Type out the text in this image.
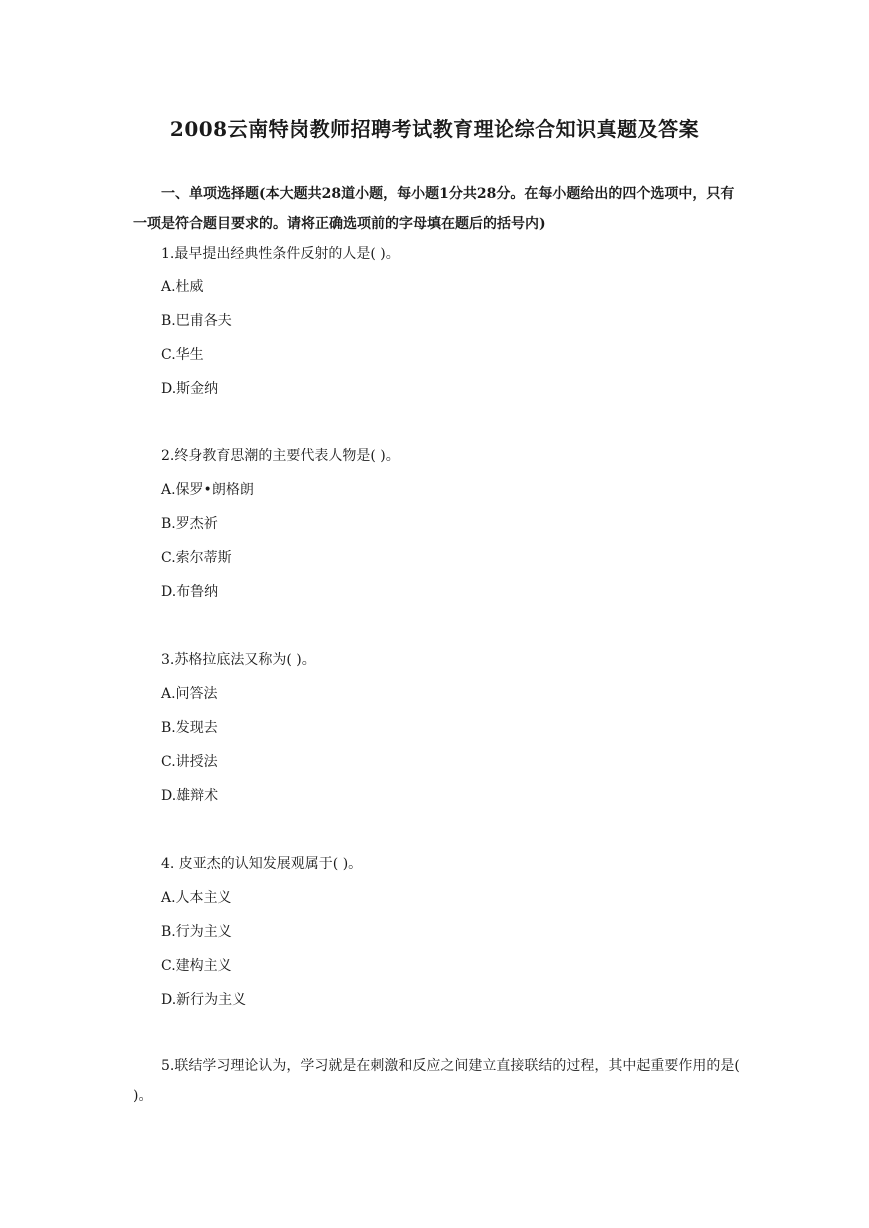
2008云南特岗教师招聘考试教育理论综合知识真题及答案
一、单项选择题(本大题共28道小题，每小题1分共28分。在每小题给出的四个选项中，只有一项是符合题目要求的。请将正确选项前的字母填在题后的括号内)
1.最早提出经典性条件反射的人是( )。
A.杜威
B.巴甫各夫
C.华生
D.斯金纳
2.终身教育思潮的主要代表人物是( )。
A.保罗•朗格朗
B.罗杰祈
C.索尔蒂斯
D.布鲁纳
3.苏格拉底法又称为( )。
A.问答法
B.发现去
C.讲授法
D.雄辩术
4. 皮亚杰的认知发展观属于( )。
A.人本主义
B.行为主义
C.建构主义
D.新行为主义
5.联结学习理论认为，学习就是在刺激和反应之间建立直接联结的过程，其中起重要作用的是( )。
